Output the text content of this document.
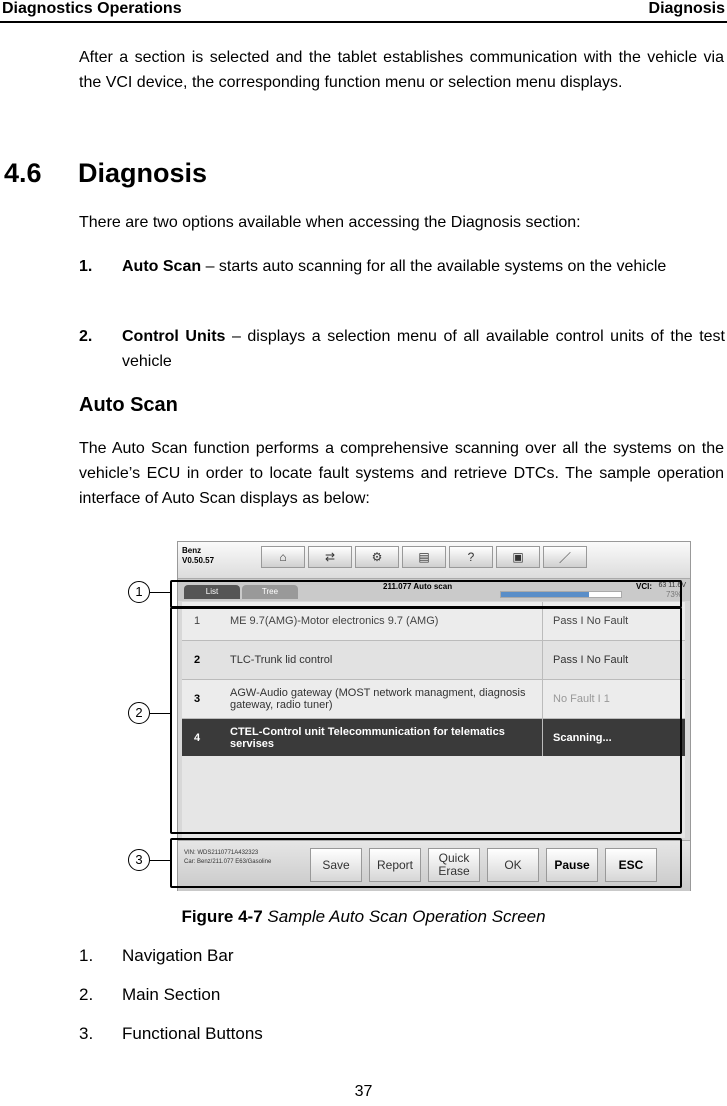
Diagnostics Operations	Diagnosis
After a section is selected and the tablet establishes communication with the vehicle via the VCI device, the corresponding function menu or selection menu displays.
4.6 Diagnosis
There are two options available when accessing the Diagnosis section:
1. Auto Scan – starts auto scanning for all the available systems on the vehicle
2. Control Units – displays a selection menu of all available control units of the test vehicle
Auto Scan
The Auto Scan function performs a comprehensive scanning over all the systems on the vehicle’s ECU in order to locate fault systems and retrieve DTCs. The sample operation interface of Auto Scan displays as below:
Benz
V0.50.57	⌂	⇄	⚙	▤	?	▣	／
211.077 Auto scan	VCI: 63 11.6V
List	Tree	73%
1	ME 9.7(AMG)-Motor electronics 9.7 (AMG)	Pass I No Fault
2	TLC-Trunk lid control	Pass I No Fault
3	AGW-Audio gateway (MOST network managment, diagnosis gateway, radio tuner)	No Fault I 1
4	CTEL-Control unit Telecommunication for telematics servises	Scanning...
VIN: WDS2110771A432323
Car: Benz/211.077 E63/Gasoline	Save	Report	Quick
Erase	OK	Pause	ESC
1
2
3
Figure 4-7 Sample Auto Scan Operation Screen
1. Navigation Bar
2. Main Section
3. Functional Buttons
37
